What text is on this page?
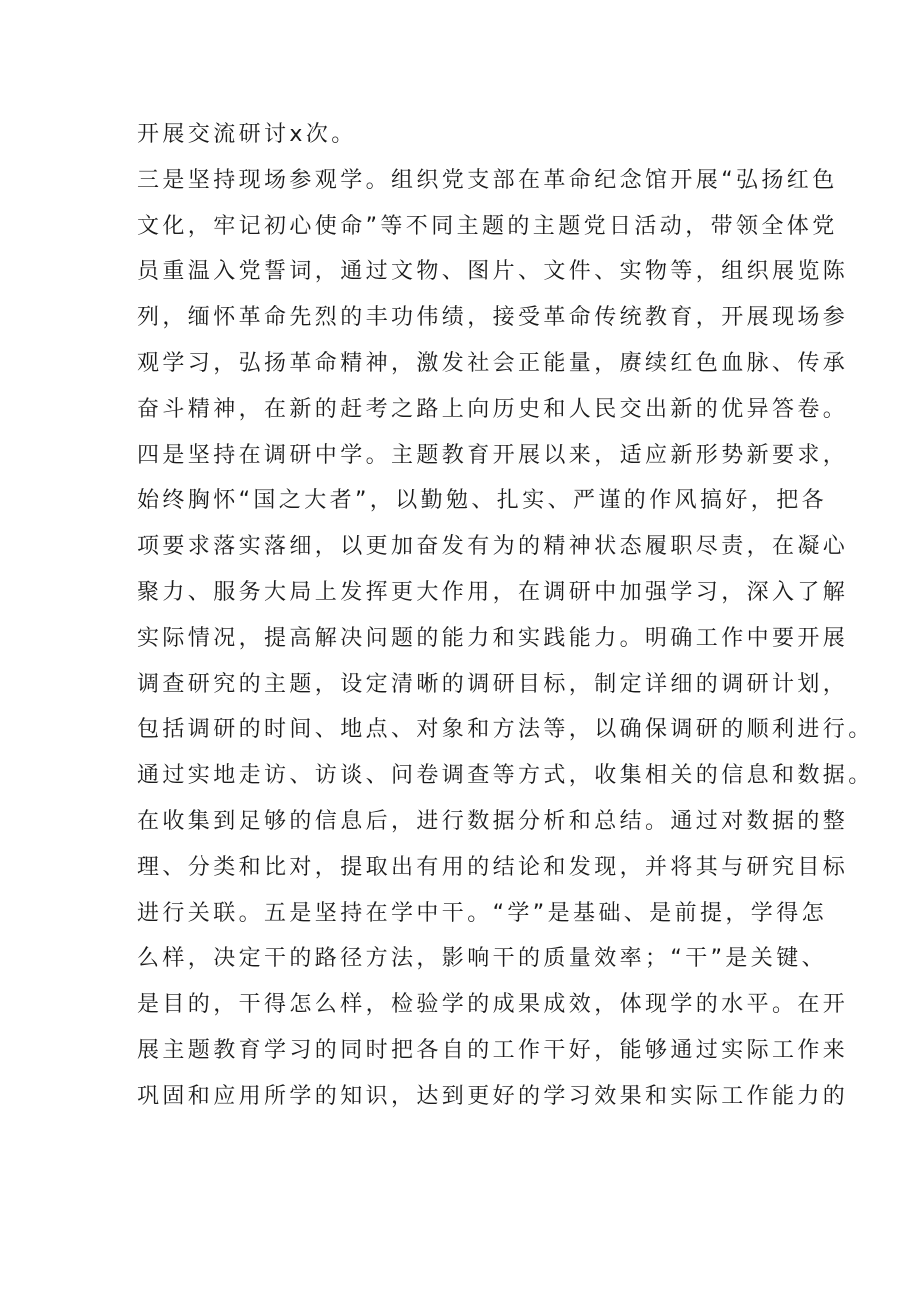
开展交流研讨x次。
三是坚持现场参观学。组织党支部在革命纪念馆开展“弘扬红色
文化，牢记初心使命”等不同主题的主题党日活动，带领全体党
员重温入党誓词，通过文物、图片、文件、实物等，组织展览陈
列，缅怀革命先烈的丰功伟绩，接受革命传统教育，开展现场参
观学习，弘扬革命精神，激发社会正能量，赓续红色血脉、传承
奋斗精神，在新的赶考之路上向历史和人民交出新的优异答卷。
四是坚持在调研中学。主题教育开展以来，适应新形势新要求，
始终胸怀“国之大者”，以勤勉、扎实、严谨的作风搞好，把各
项要求落实落细，以更加奋发有为的精神状态履职尽责，在凝心
聚力、服务大局上发挥更大作用，在调研中加强学习，深入了解
实际情况，提高解决问题的能力和实践能力。明确工作中要开展
调查研究的主题，设定清晰的调研目标，制定详细的调研计划，
包括调研的时间、地点、对象和方法等，以确保调研的顺利进行。
通过实地走访、访谈、问卷调查等方式，收集相关的信息和数据。
在收集到足够的信息后，进行数据分析和总结。通过对数据的整
理、分类和比对，提取出有用的结论和发现，并将其与研究目标
进行关联。五是坚持在学中干。“学”是基础、是前提，学得怎
么样，决定干的路径方法，影响干的质量效率；“干”是关键、
是目的，干得怎么样，检验学的成果成效，体现学的水平。在开
展主题教育学习的同时把各自的工作干好，能够通过实际工作来
巩固和应用所学的知识，达到更好的学习效果和实际工作能力的
